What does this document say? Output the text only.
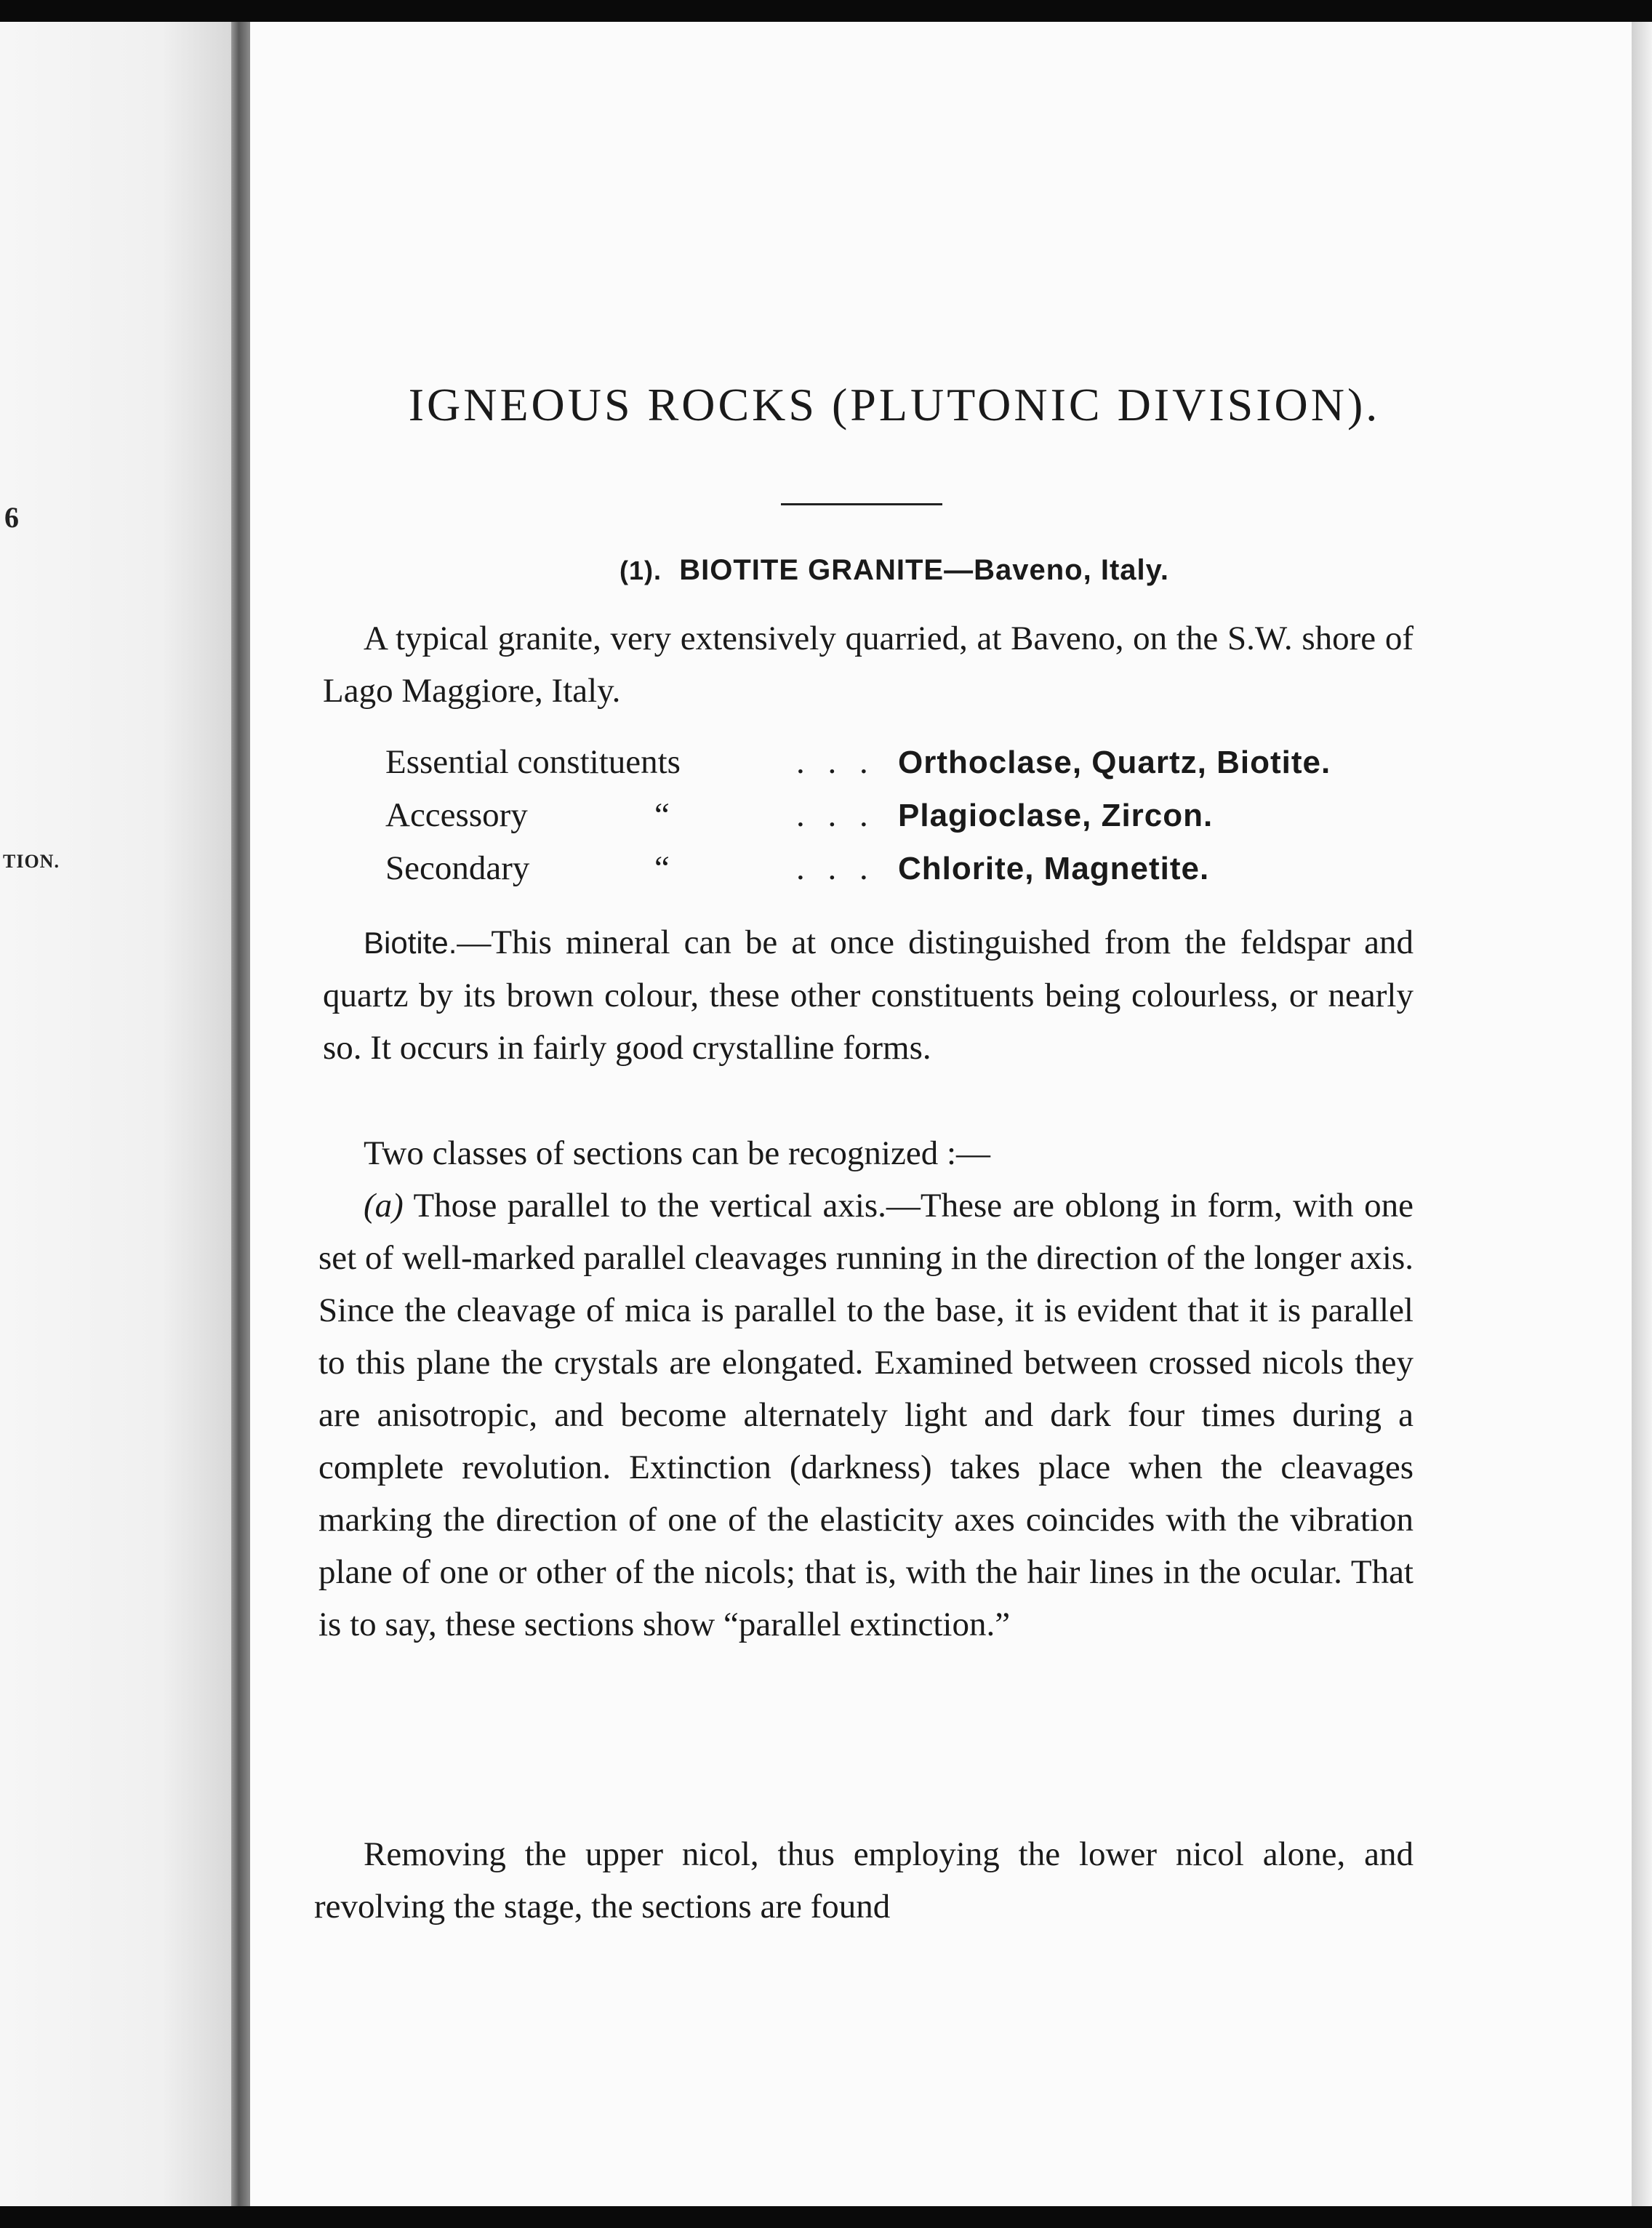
6
TION.
IGNEOUS ROCKS (PLUTONIC DIVISION).
(1). BIOTITE GRANITE—Baveno, Italy.

A typical granite, very extensively quarried, at Baveno, on the S.W. shore of Lago Maggiore, Italy.

Essential constituents	. . . Orthoclase, Quartz, Biotite.
Accessory	“	. . . Plagioclase, Zircon.
Secondary	“	. . . Chlorite, Magnetite.

Biotite.—This mineral can be at once distinguished from the feldspar and quartz by its brown colour, these other constituents being colourless, or nearly so. It occurs in fairly good crystalline forms.

Two classes of sections can be recognized :—

(a) Those parallel to the vertical axis.—These are oblong in form, with one set of well-marked parallel cleavages running in the direction of the longer axis. Since the cleavage of mica is parallel to the base, it is evident that it is parallel to this plane the crystals are elongated. Examined between crossed nicols they are anisotropic, and become alternately light and dark four times during a complete revolution. Extinction (darkness) takes place when the cleavages marking the direction of one of the elasticity axes coincides with the vibration plane of one or other of the nicols; that is, with the hair lines in the ocular. That is to say, these sections show “parallel extinction.”

Removing the upper nicol, thus employing the lower nicol alone, and revolving the stage, the sections are found
